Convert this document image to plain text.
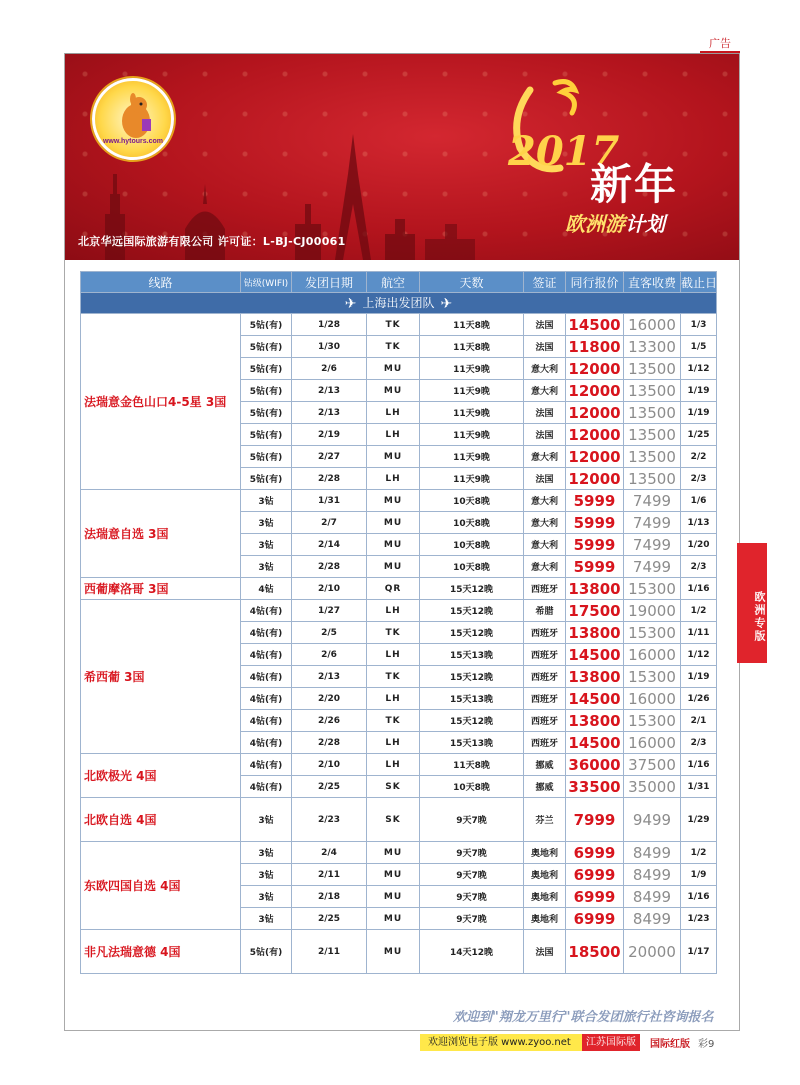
广告
www.hytours.com
北京华远国际旅游有限公司 许可证：L-BJ-CJ00061
2017
新年
欧洲游计划
线路	钻级(WIFI)	发团日期	航空	天数	签证	同行报价	直客收费	截止日期
✈ 上海出发团队 ✈								
法瑞意金色山口4-5星 3国	5钻(有)	1/28	TK	11天8晚	法国	14500	16000	1/3
	5钻(有)	1/30	TK	11天8晚	法国	11800	13300	1/5
	5钻(有)	2/6	MU	11天9晚	意大利	12000	13500	1/12
	5钻(有)	2/13	MU	11天9晚	意大利	12000	13500	1/19
	5钻(有)	2/13	LH	11天9晚	法国	12000	13500	1/19
	5钻(有)	2/19	LH	11天9晚	法国	12000	13500	1/25
	5钻(有)	2/27	MU	11天9晚	意大利	12000	13500	2/2
	5钻(有)	2/28	LH	11天9晚	法国	12000	13500	2/3
法瑞意自选 3国	3钻	1/31	MU	10天8晚	意大利	5999	7499	1/6
	3钻	2/7	MU	10天8晚	意大利	5999	7499	1/13
	3钻	2/14	MU	10天8晚	意大利	5999	7499	1/20
	3钻	2/28	MU	10天8晚	意大利	5999	7499	2/3
西葡摩洛哥 3国	4钻	2/10	QR	15天12晚	西班牙	13800	15300	1/16
希西葡 3国	4钻(有)	1/27	LH	15天12晚	希腊	17500	19000	1/2
	4钻(有)	2/5	TK	15天12晚	西班牙	13800	15300	1/11
	4钻(有)	2/6	LH	15天13晚	西班牙	14500	16000	1/12
	4钻(有)	2/13	TK	15天12晚	西班牙	13800	15300	1/19
	4钻(有)	2/20	LH	15天13晚	西班牙	14500	16000	1/26
	4钻(有)	2/26	TK	15天12晚	西班牙	13800	15300	2/1
	4钻(有)	2/28	LH	15天13晚	西班牙	14500	16000	2/3
北欧极光 4国	4钻(有)	2/10	LH	11天8晚	挪威	36000	37500	1/16
	4钻(有)	2/25	SK	10天8晚	挪威	33500	35000	1/31
北欧自选 4国	3钻	2/23	SK	9天7晚	芬兰	7999	9499	1/29
东欧四国自选 4国	3钻	2/4	MU	9天7晚	奥地利	6999	8499	1/2
	3钻	2/11	MU	9天7晚	奥地利	6999	8499	1/9
	3钻	2/18	MU	9天7晚	奥地利	6999	8499	1/16
	3钻	2/25	MU	9天7晚	奥地利	6999	8499	1/23
非凡法瑞意德 4国	5钻(有)	2/11	MU	14天12晚	法国	18500	20000	1/17
欧洲专版
欢迎到"翔龙万里行"联合发团旅行社咨询报名
欢迎浏览电子版 www.zyoo.net	江苏国际版	国际红版 彩9
